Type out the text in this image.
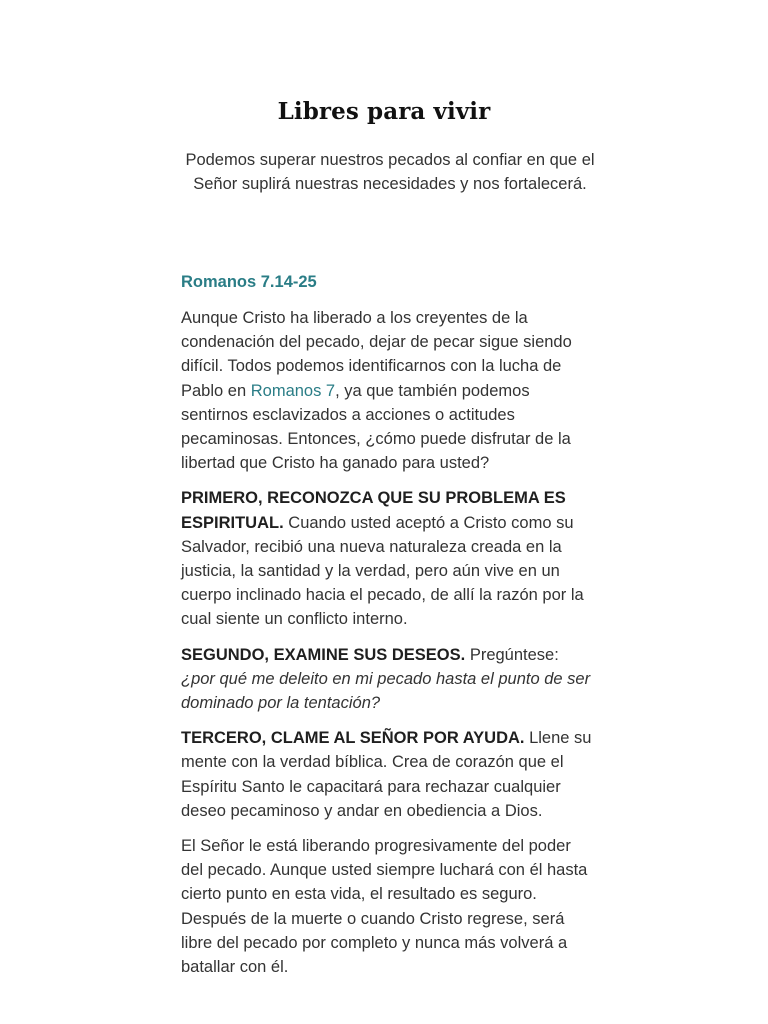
Libres para vivir

Podemos superar nuestros pecados al confiar en que el Señor suplirá nuestras necesidades y nos fortalecerá.

Romanos 7.14-25

Aunque Cristo ha liberado a los creyentes de la condenación del pecado, dejar de pecar sigue siendo difícil. Todos podemos identificarnos con la lucha de Pablo en Romanos 7, ya que también podemos sentirnos esclavizados a acciones o actitudes pecaminosas. Entonces, ¿cómo puede disfrutar de la libertad que Cristo ha ganado para usted?

PRIMERO, RECONOZCA QUE SU PROBLEMA ES ESPIRITUAL. Cuando usted aceptó a Cristo como su Salvador, recibió una nueva naturaleza creada en la justicia, la santidad y la verdad, pero aún vive en un cuerpo inclinado hacia el pecado, de allí la razón por la cual siente un conflicto interno.

SEGUNDO, EXAMINE SUS DESEOS. Pregúntese: ¿por qué me deleito en mi pecado hasta el punto de ser dominado por la tentación?

TERCERO, CLAME AL SEÑOR POR AYUDA. Llene su mente con la verdad bíblica. Crea de corazón que el Espíritu Santo le capacitará para rechazar cualquier deseo pecaminoso y andar en obediencia a Dios.

El Señor le está liberando progresivamente del poder del pecado. Aunque usted siempre luchará con él hasta cierto punto en esta vida, el resultado es seguro. Después de la muerte o cuando Cristo regrese, será libre del pecado por completo y nunca más volverá a batallar con él.
